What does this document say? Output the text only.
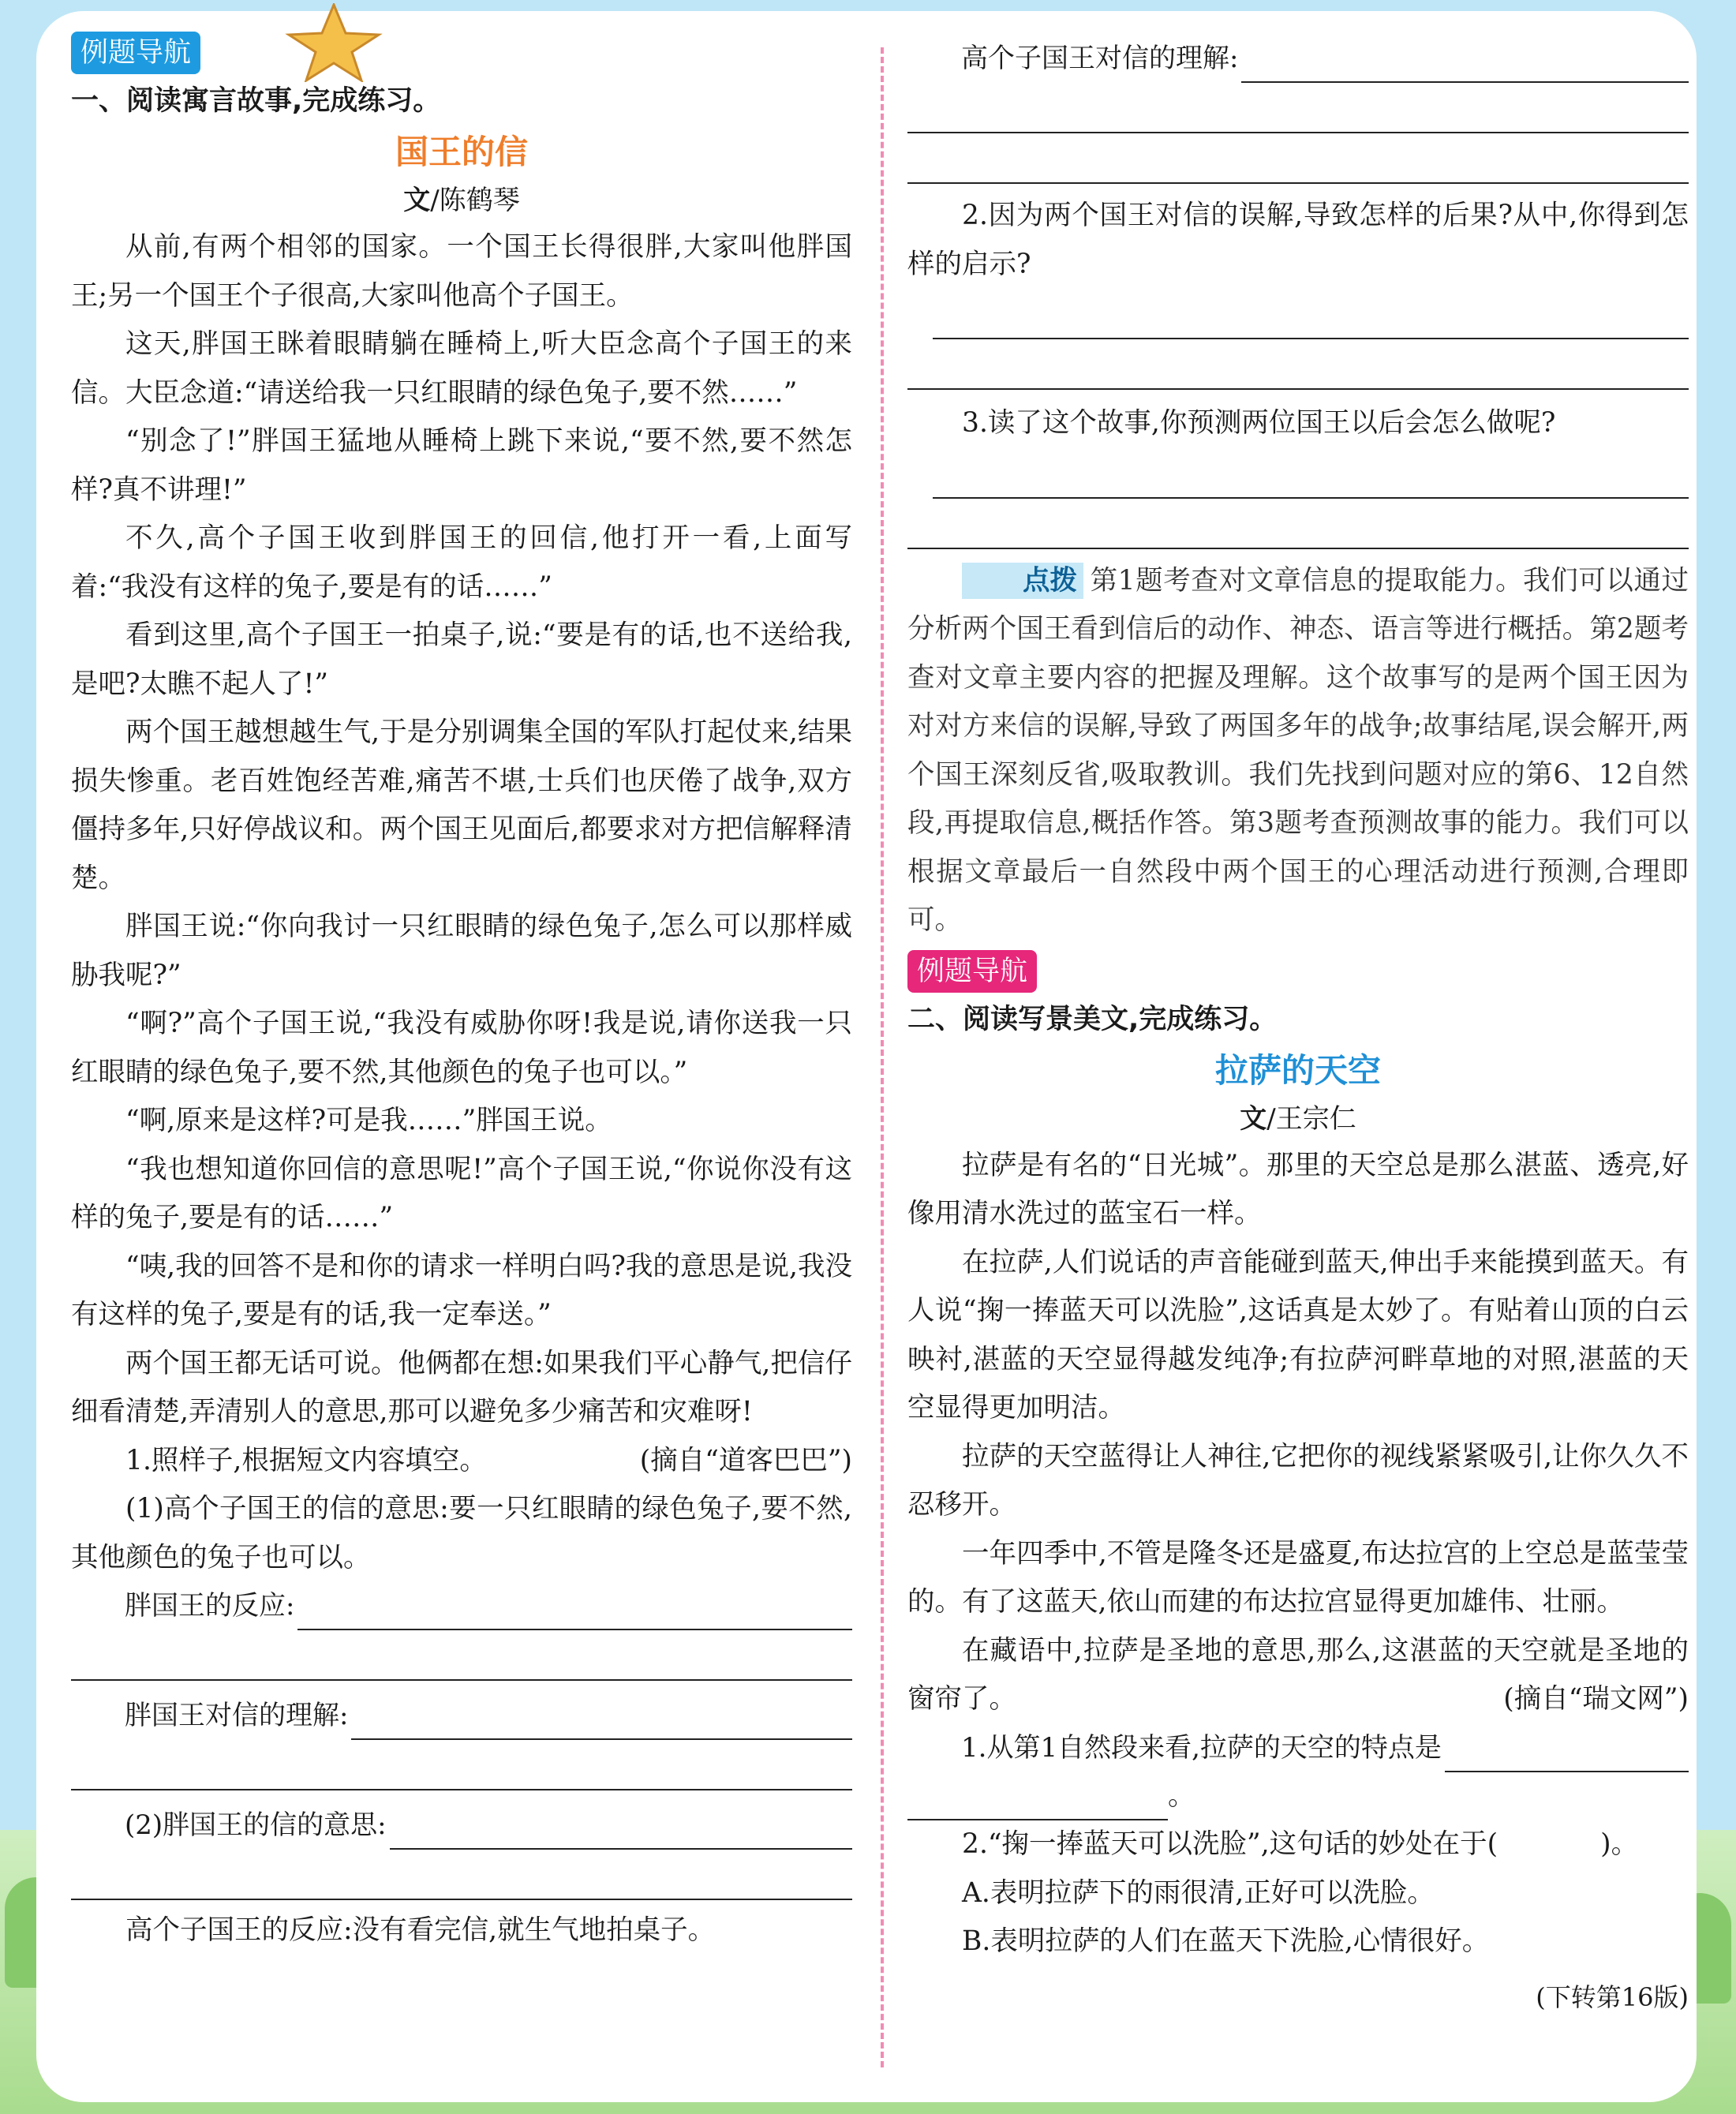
例题导航
一、阅读寓言故事,完成练习。
国王的信
文/陈鹤琴

从前,有两个相邻的国家。一个国王长得很胖,大家叫他胖国王;另一个国王个子很高,大家叫他高个子国王。

这天,胖国王眯着眼睛躺在睡椅上,听大臣念高个子国王的来信。大臣念道:“请送给我一只红眼睛的绿色兔子,要不然……”

“别念了!”胖国王猛地从睡椅上跳下来说,“要不然,要不然怎样?真不讲理!”

不久,高个子国王收到胖国王的回信,他打开一看,上面写着:“我没有这样的兔子,要是有的话……”

看到这里,高个子国王一拍桌子,说:“要是有的话,也不送给我,是吧?太瞧不起人了!”

两个国王越想越生气,于是分别调集全国的军队打起仗来,结果损失惨重。老百姓饱经苦难,痛苦不堪,士兵们也厌倦了战争,双方僵持多年,只好停战议和。两个国王见面后,都要求对方把信解释清楚。

胖国王说:“你向我讨一只红眼睛的绿色兔子,怎么可以那样威胁我呢?”

“啊?”高个子国王说,“我没有威胁你呀!我是说,请你送我一只红眼睛的绿色兔子,要不然,其他颜色的兔子也可以。”

“啊,原来是这样?可是我……”胖国王说。

“我也想知道你回信的意思呢!”高个子国王说,“你说你没有这样的兔子,要是有的话……”

“咦,我的回答不是和你的请求一样明白吗?我的意思是说,我没有这样的兔子,要是有的话,我一定奉送。”

两个国王都无话可说。他俩都在想:如果我们平心静气,把信仔细看清楚,弄清别人的意思,那可以避免多少痛苦和灾难呀!
(摘自“道客巴巴”)

1.照样子,根据短文内容填空。

(1)高个子国王的信的意思:要一只红眼睛的绿色兔子,要不然,其他颜色的兔子也可以。

胖国王的反应:
胖国王对信的理解:
(2)胖国王的信的意思:

高个子国王的反应:没有看完信,就生气地拍桌子。

高个子国王对信的理解:

2.因为两个国王对信的误解,导致怎样的后果?从中,你得到怎样的启示?

3.读了这个故事,你预测两位国王以后会怎么做呢?

点拨 第1题考查对文章信息的提取能力。我们可以通过分析两个国王看到信后的动作、神态、语言等进行概括。第2题考查对文章主要内容的把握及理解。这个故事写的是两个国王因为对对方来信的误解,导致了两国多年的战争;故事结尾,误会解开,两个国王深刻反省,吸取教训。我们先找到问题对应的第6、12自然段,再提取信息,概括作答。第3题考查预测故事的能力。我们可以根据文章最后一自然段中两个国王的心理活动进行预测,合理即可。

例题导航
二、阅读写景美文,完成练习。
拉萨的天空
文/王宗仁

拉萨是有名的“日光城”。那里的天空总是那么湛蓝、透亮,好像用清水洗过的蓝宝石一样。

在拉萨,人们说话的声音能碰到蓝天,伸出手来能摸到蓝天。有人说“掬一捧蓝天可以洗脸”,这话真是太妙了。有贴着山顶的白云映衬,湛蓝的天空显得越发纯净;有拉萨河畔草地的对照,湛蓝的天空显得更加明洁。

拉萨的天空蓝得让人神往,它把你的视线紧紧吸引,让你久久不忍移开。

一年四季中,不管是隆冬还是盛夏,布达拉宫的上空总是蓝莹莹的。有了这蓝天,依山而建的布达拉宫显得更加雄伟、壮丽。

在藏语中,拉萨是圣地的意思,那么,这湛蓝的天空就是圣地的窗帘了。	(摘自“瑞文网”)

1.从第1自然段来看,拉萨的天空的特点是

。

2.“掬一捧蓝天可以洗脸”,这句话的妙处在于(	)。

A.表明拉萨下的雨很清,正好可以洗脸。

B.表明拉萨的人们在蓝天下洗脸,心情很好。

(下转第16版)
